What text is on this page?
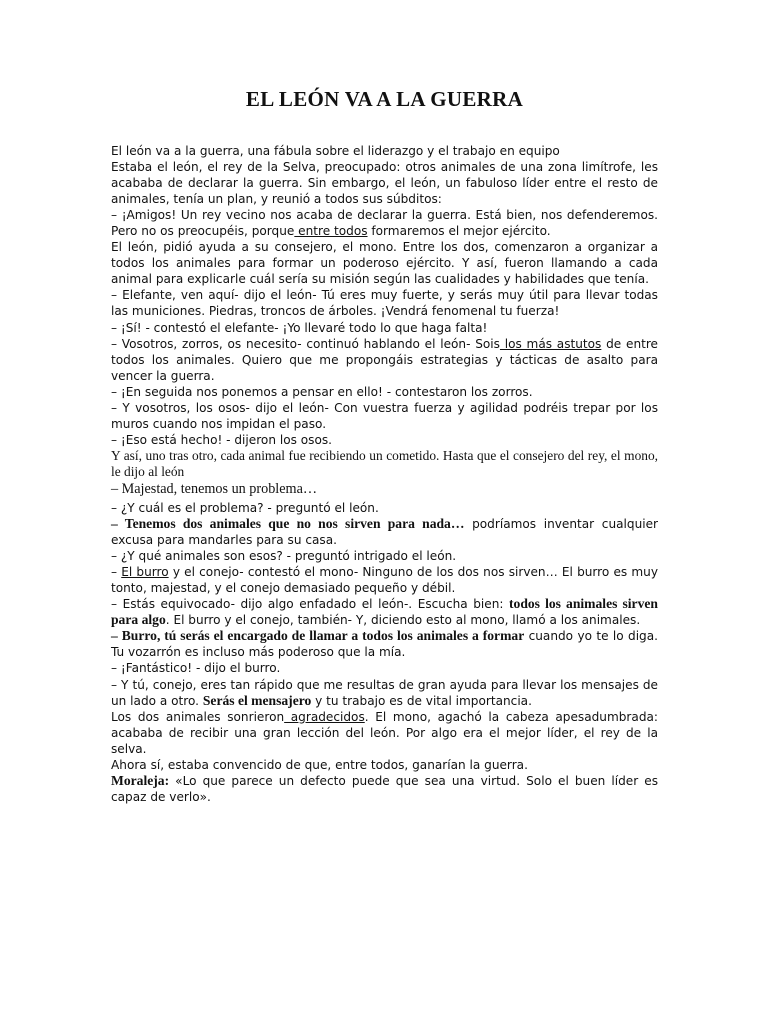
EL LEÓN VA A LA GUERRA

El león va a la guerra, una fábula sobre el liderazgo y el trabajo en equipo

Estaba el león, el rey de la Selva, preocupado: otros animales de una zona limítrofe, les acababa de declarar la guerra. Sin embargo, el león, un fabuloso líder entre el resto de animales, tenía un plan, y reunió a todos sus súbditos:

– ¡Amigos! Un rey vecino nos acaba de declarar la guerra. Está bien, nos defenderemos. Pero no os preocupéis, porque entre todos formaremos el mejor ejército.

El león, pidió ayuda a su consejero, el mono. Entre los dos, comenzaron a organizar a todos los animales para formar un poderoso ejército. Y así, fueron llamando a cada animal para explicarle cuál sería su misión según las cualidades y habilidades que tenía.

– Elefante, ven aquí- dijo el león- Tú eres muy fuerte, y serás muy útil para llevar todas las municiones. Piedras, troncos de árboles. ¡Vendrá fenomenal tu fuerza!

– ¡Sí! - contestó el elefante- ¡Yo llevaré todo lo que haga falta!

– Vosotros, zorros, os necesito- continuó hablando el león- Sois los más astutos de entre todos los animales. Quiero que me propongáis estrategias y tácticas de asalto para vencer la guerra.

– ¡En seguida nos ponemos a pensar en ello! - contestaron los zorros.

– Y vosotros, los osos- dijo el león- Con vuestra fuerza y agilidad podréis trepar por los muros cuando nos impidan el paso.

– ¡Eso está hecho! - dijeron los osos.

Y así, uno tras otro, cada animal fue recibiendo un cometido. Hasta que el consejero del rey, el mono, le dijo al león

– Majestad, tenemos un problema…

– ¿Y cuál es el problema? - preguntó el león.

– Tenemos dos animales que no nos sirven para nada… podríamos inventar cualquier excusa para mandarles para su casa.

– ¿Y qué animales son esos? - preguntó intrigado el león.

– El burro y el conejo- contestó el mono- Ninguno de los dos nos sirven… El burro es muy tonto, majestad, y el conejo demasiado pequeño y débil.

– Estás equivocado- dijo algo enfadado el león-. Escucha bien: todos los animales sirven para algo. El burro y el conejo, también- Y, diciendo esto al mono, llamó a los animales.

– Burro, tú serás el encargado de llamar a todos los animales a formar cuando yo te lo diga. Tu vozarrón es incluso más poderoso que la mía.

– ¡Fantástico! - dijo el burro.

– Y tú, conejo, eres tan rápido que me resultas de gran ayuda para llevar los mensajes de un lado a otro. Serás el mensajero y tu trabajo es de vital importancia.

Los dos animales sonrieron agradecidos. El mono, agachó la cabeza apesadumbrada: acababa de recibir una gran lección del león. Por algo era el mejor líder, el rey de la selva.

Ahora sí, estaba convencido de que, entre todos, ganarían la guerra.

Moraleja: «Lo que parece un defecto puede que sea una virtud. Solo el buen líder es capaz de verlo».
